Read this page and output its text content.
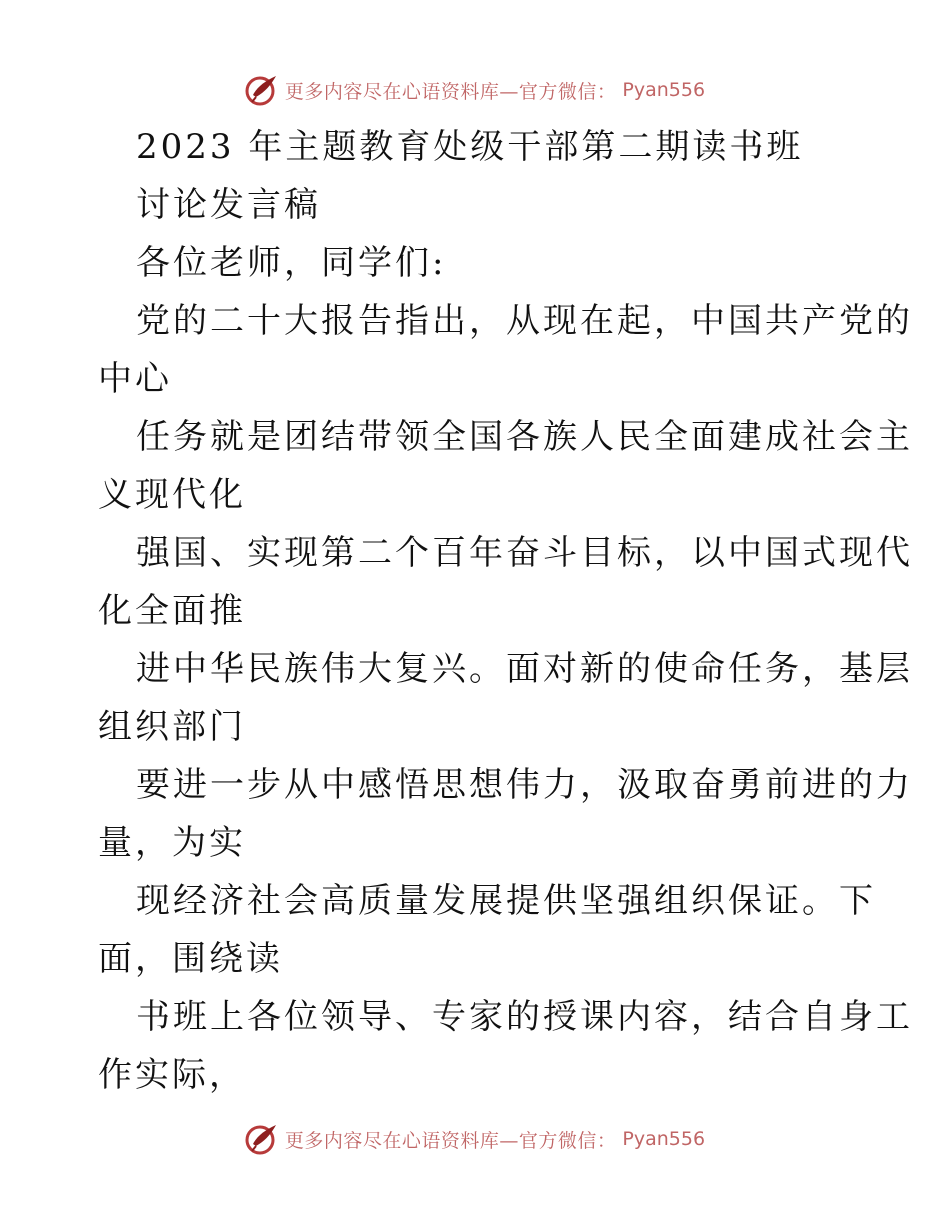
更多内容尽在心语资料库—官方微信： Pyan556
2023 年主题教育处级干部第二期读书班
讨论发言稿
各位老师，同学们:
党的二十大报告指出，从现在起，中国共产党的
中心
任务就是团结带领全国各族人民全面建成社会主
义现代化
强国、实现第二个百年奋斗目标，以中国式现代
化全面推
进中华民族伟大复兴。面对新的使命任务，基层
组织部门
要进一步从中感悟思想伟力，汲取奋勇前进的力
量，为实
现经济社会高质量发展提供坚强组织保证。下
面，围绕读
书班上各位领导、专家的授课内容，结合自身工
作实际，
更多内容尽在心语资料库—官方微信： Pyan556
